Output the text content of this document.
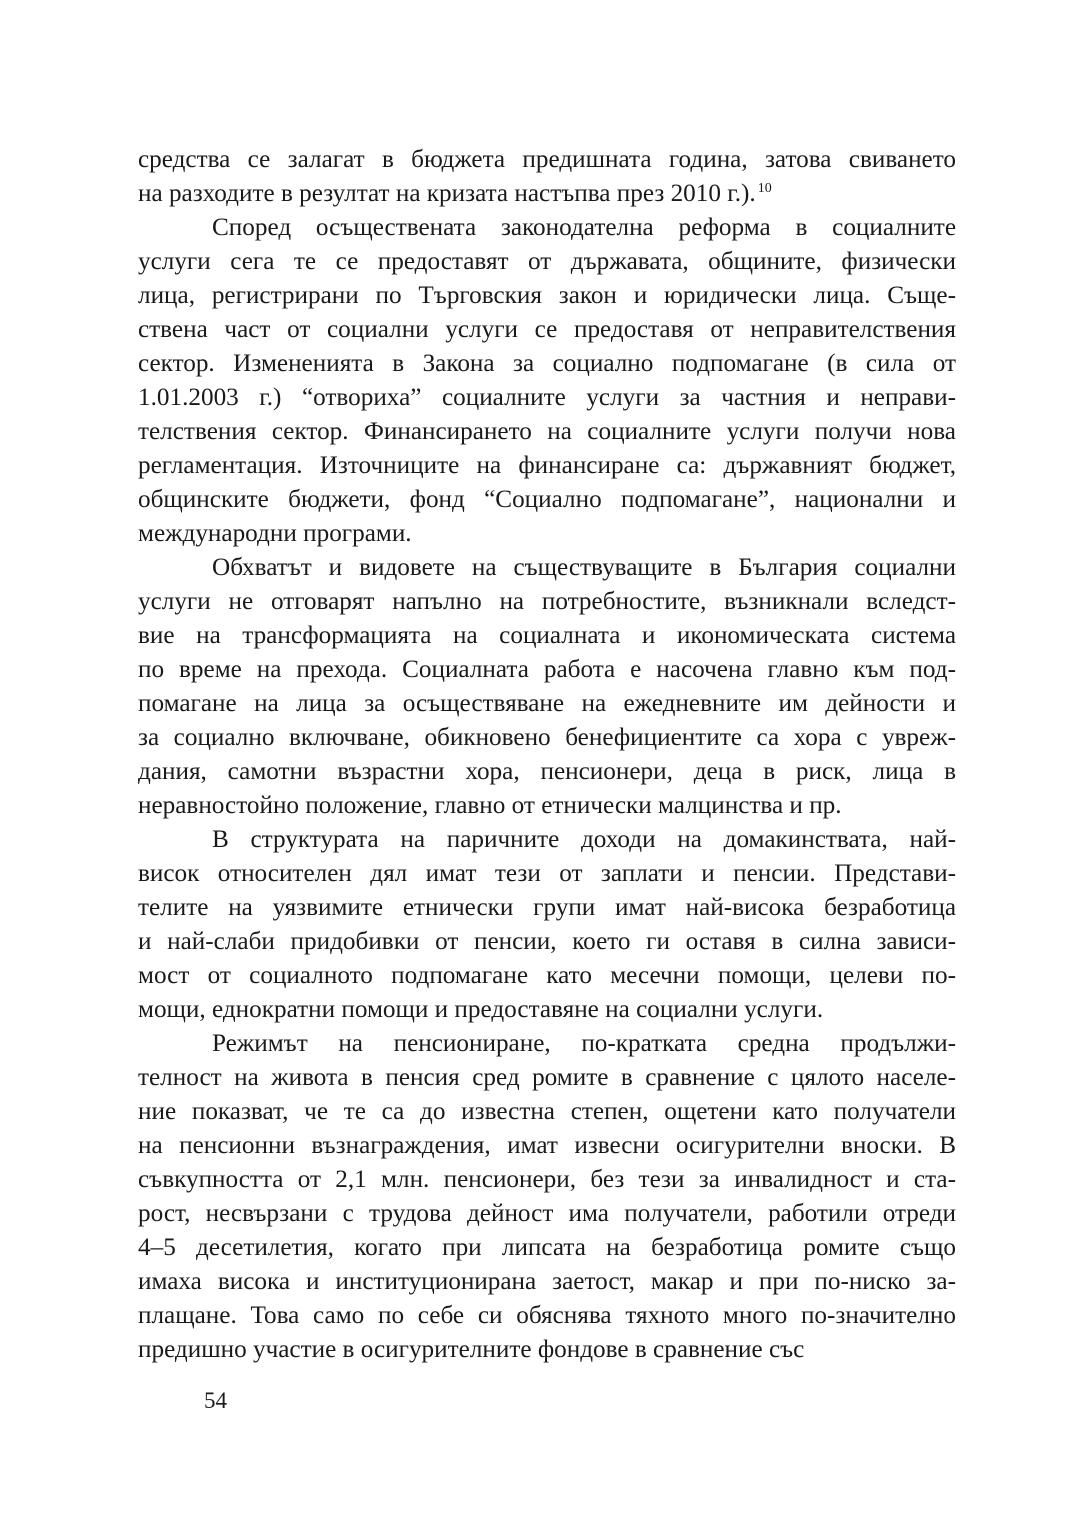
средства се залагат в бюджета предишната година, затова свиването
на разходите в резултат на кризата настъпва през 2010 г.). $^{10}$
Според осъществената законодателна реформа в социалните
услуги сега те се предоставят от държавата, общините, физически
лица, регистрирани по Търговския закон и юридически лица. Съще-
ствена част от социални услуги се предоставя от неправителствения
сектор. Измененията в Закона за социално подпомагане (в сила от
1.01.2003 г.) “отвориха” социалните услуги за частния и неправи-
телствения сектор. Финансирането на социалните услуги получи нова
регламентация. Източниците на финансиране са: държавният бюджет,
общинските бюджети, фонд “Социално подпомагане”, национални и
международни програми.
Обхватът и видовете на съществуващите в България социални
услуги не отговарят напълно на потребностите, възникнали вследст-
вие на трансформацията на социалната и икономическата система
по време на прехода. Социалната работа е насочена главно към под-
помагане на лица за осъществяване на ежедневните им дейности и
за социално включване, обикновено бенефициентите са хора с увреж-
дания, самотни възрастни хора, пенсионери, деца в риск, лица в
неравностойно положение, главно от етнически малцинства и пр.
В структурата на паричните доходи на домакинствата, най-
висок относителен дял имат тези от заплати и пенсии. Представи-
телите на уязвимите етнически групи имат най-висока безработица
и най-слаби придобивки от пенсии, което ги оставя в силна зависи-
мост от социалното подпомагане като месечни помощи, целеви по-
мощи, еднократни помощи и предоставяне на социални услуги.
Режимът на пенсиониране, по-кратката средна продължи-
телност на живота в пенсия сред ромите в сравнение с цялото населе-
ние показват, че те са до известна степен, ощетени като получатели
на пенсионни възнаграждения, имат извесни осигурителни вноски. В
съвкупността от 2,1 млн. пенсионери, без тези за инвалидност и ста-
рост, несвързани с трудова дейност има получатели, работили отреди
4–5 десетилетия, когато при липсата на безработица ромите също
имаха висока и институционирана заетост, макар и при по-ниско за-
плащане. Това само по себе си обяснява тяхното много по-значително
предишно участие в осигурителните фондове в сравнение със
54
